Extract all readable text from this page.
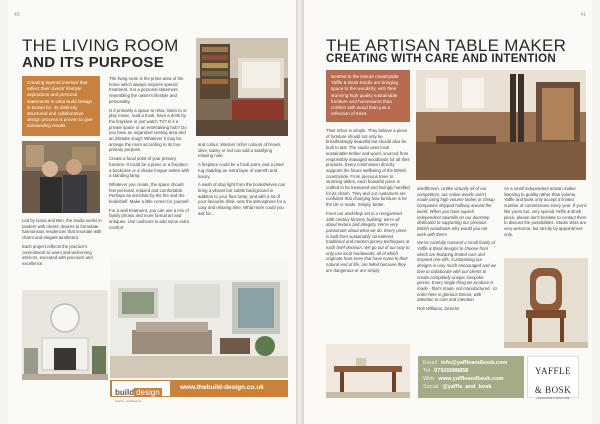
40
THE LIVING ROOM
AND ITS PURPOSE
Creating layered interiors that reflect their clients' lifestyle aspirations and personal statements is what Build Design is known for. Its distinctly structured and collaborative design process is proven to give outstanding results.

Led by Ivana and Ben, the studio works in tandem with clients' desires to formulate harmonious residences that resonate with charm and elegant aesthetics.

Each project reflects the practice's commitment to warm and welcoming interiors, executed with precision and excellence.

The living room is the prime area of the home which always requires special treatment. It is a personal statement resembling the owner's lifestyle and personality.

Is it primarily a space to relax, listen to or play music, read a book, have a drink by the fireplace or just watch TV? Is it a private space or an entertaining hub? Do you have an organised seating area and an intimate snug? Whatever it may be, arrange the room according to its true primary purpose.

Create a focal point of your primary function. It could be a piano or a fireplace, a bookcase or a chaise longue settee with a standing lamp.

Whatever you create, the space should feel personal, relaxed and comfortable. Perhaps an armchair by the fire and the bookshelf. Make a little corner for yourself.

For a wall treatment, you can use a mix of family photos and more formal art and antiques. Use cushions to add some extra comfort

and colour. Warmer richer colours of brown, olive, tawny or red can add a satisfying relaxing note.

A fireplace could be a focal point, and a pited rug cladding an extra layer of warmth and luxury.

A wash of stop light from the bookshelves can bring a vibrant but subtle background in addition to your floor lamp, and with a lot of your favourite drink, sets the atmosphere for a cosy and relaxing time. What more could you ask for...

build design
interior + architecture
www.thebuild-design.co.uk
41
THE ARTISAN TABLE MAKER
CREATING WITH CARE AND INTENTION
Nestled in the leisure countryside Yaffle & Bosk Studio are bringing space to the woodstry, with their stunning high quality sustainable furniture and homewares than craftinn with wood than just a reflection of trees.

Their ethos is simple. They believe a piece of furniture should not only be breathtakingly beautiful but should also be built to last. The studio uses local sustainable timber and wood, sourced from responsibly managed woodlands for all their products. Every commission directly supports the future wellbeing of the British countryside. From precious trees to stunning tables, each beautiful piece is crafted to be treasured and lovingly handled for its charm. They and our customers are confident that changing how furniture is for the UK is made. Simply, better.

From our workshop set in a reorganised 18th century farmery building, we're all about texture and integrity. We're very passionate about what we do. Every piece is built from sustainably considered traditional and modern joinery techniques at each brief decision. We go out of our way to only use local hardwoods, all of which originate from trees that have come to their natural end of life, are felled because they are dangerous or are simply

windthrown. Unlike virtually all of our competitors, our native woods aren't made using high volume timber or cheap companies shipped halfway around the world. When you have superb independent sawmills on our doorstep dedicated to supporting our precious British woodlands why would you not work with them!

We've carefully nurtured a small family of Yaffle & Bosk designs to choose from which are featuring limited runs and inspired one-offs. Customising our designs is very much encouraged and we love to collaborate with our clients to create completely unique, bespoke pieces. Every single thing we produce is made - that's made, not manufactured - to order here in glorious Devon, with attention to care and intention.

Rob Williams, Director

As a small independent artisan maker listening to quality rather than volume, Yaffle and Bosk only accept a limited number of commissions every year. If you'd like yours too, very special Yaffle & Bosk piece, please don't hesitate to contact them to discuss the possibilities. Studio visits are very welcome, but strictly by appointment only.

Email info@yaffleandbosk.com
Tel 07920088858
Web www.yaffleandbosk.com
Social @yaffle_and_bosk
YAFFLE
& BOSK
HANDMADE FURNITURE
